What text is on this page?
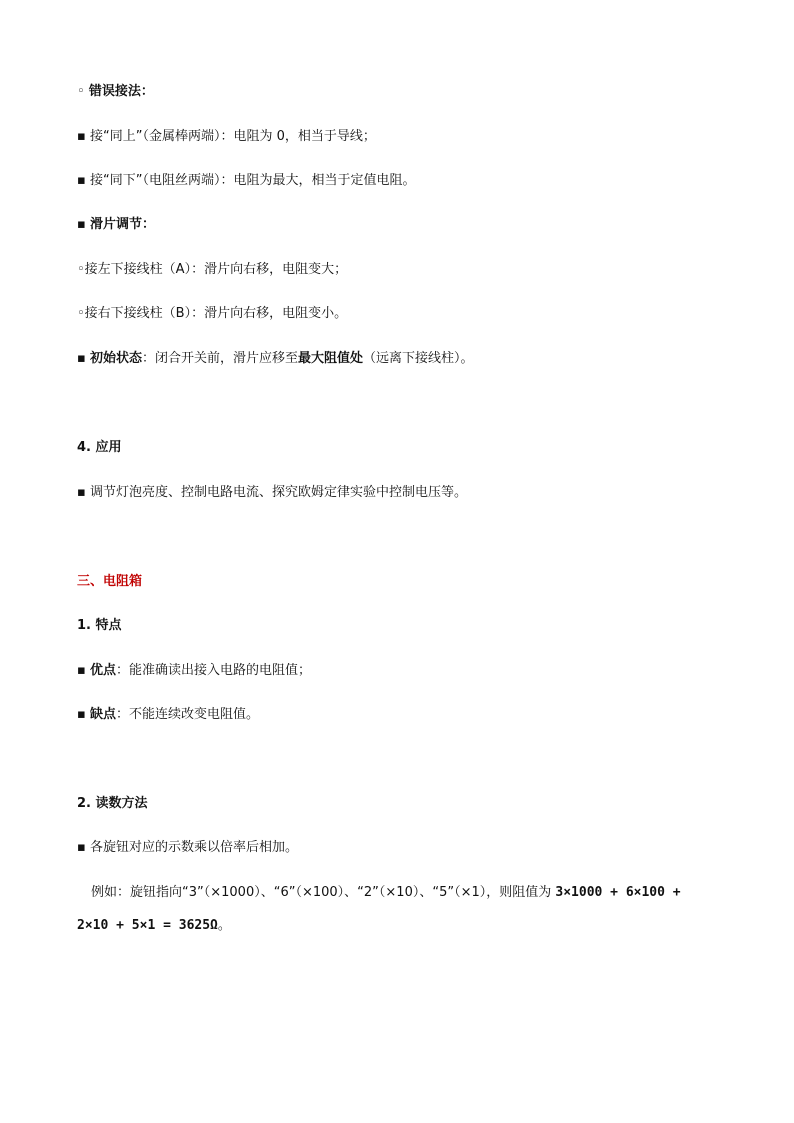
◦ 错误接法：
▪ 接“同上”（金属棒两端）：电阻为 0，相当于导线；
▪ 接“同下”（电阻丝两端）：电阻为最大，相当于定值电阻。
▪ 滑片调节：
◦接左下接线柱（A）：滑片向右移，电阻变大；
◦接右下接线柱（B）：滑片向右移，电阻变小。
▪ 初始状态：闭合开关前，滑片应移至最大阻值处（远离下接线柱）。
4. 应用
▪ 调节灯泡亮度、控制电路电流、探究欧姆定律实验中控制电压等。
三、电阻箱
1. 特点
▪ 优点：能准确读出接入电路的电阻值；
▪ 缺点：不能连续改变电阻值。
2. 读数方法
▪ 各旋钮对应的示数乘以倍率后相加。
例如：旋钮指向“3”（×1000）、“6”（×100）、“2”（×10）、“5”（×1），则阻值为 3×1000 + 6×100 + 2×10 + 5×1 = 3625Ω。
